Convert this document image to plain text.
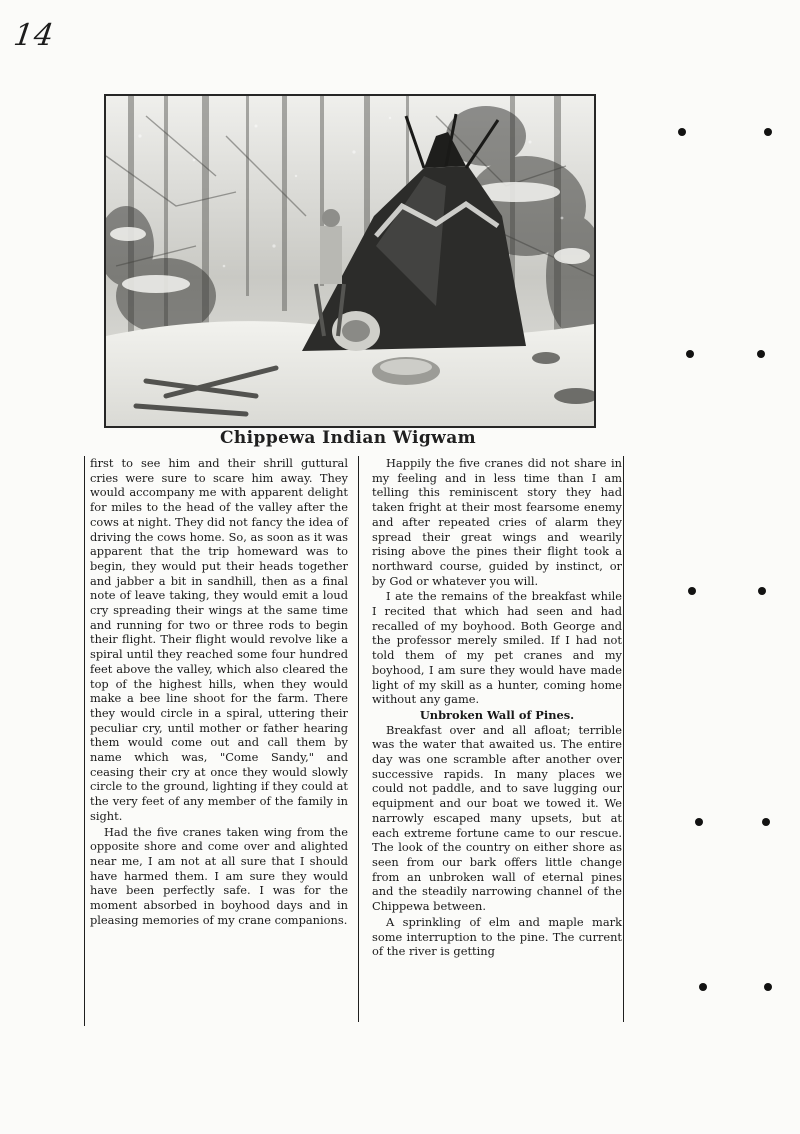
14
Chippewa Indian Wigwam

first to see him and their shrill guttural cries were sure to scare him away. They would accompany me with apparent delight for miles to the head of the valley after the cows at night. They did not fancy the idea of driving the cows home. So, as soon as it was apparent that the trip homeward was to begin, they would put their heads together and jabber a bit in sandhill, then as a final note of leave taking, they would emit a loud cry spreading their wings at the same time and running for two or three rods to begin their flight. Their flight would revolve like a spiral until they reached some four hundred feet above the valley, which also cleared the top of the highest hills, when they would make a bee line shoot for the farm. There they would circle in a spiral, uttering their peculiar cry, until mother or father hearing them would come out and call them by name which was, "Come Sandy," and ceasing their cry at once they would slowly circle to the ground, lighting if they could at the very feet of any member of the family in sight.

Had the five cranes taken wing from the opposite shore and come over and alighted near me, I am not at all sure that I should have harmed them. I am sure they would have been perfectly safe. I was for the moment absorbed in boyhood days and in pleasing memories of my crane companions.

Happily the five cranes did not share in my feeling and in less time than I am telling this reminiscent story they had taken fright at their most fearsome enemy and after repeated cries of alarm they spread their great wings and wearily rising above the pines their flight took a northward course, guided by instinct, or by God or whatever you will.

I ate the remains of the breakfast while I recited that which had seen and had recalled of my boyhood. Both George and the professor merely smiled. If I had not told them of my pet cranes and my boyhood, I am sure they would have made light of my skill as a hunter, coming home without any game.

Unbroken Wall of Pines.

Breakfast over and all afloat; terrible was the water that awaited us. The entire day was one scramble after another over successive rapids. In many places we could not paddle, and to save lugging our equipment and our boat we towed it. We narrowly escaped many upsets, but at each extreme fortune came to our rescue. The look of the country on either shore as seen from our bark offers little change from an unbroken wall of eternal pines and the steadily narrowing channel of the Chippewa between.

A sprinkling of elm and maple mark some interruption to the pine. The current of the river is getting
